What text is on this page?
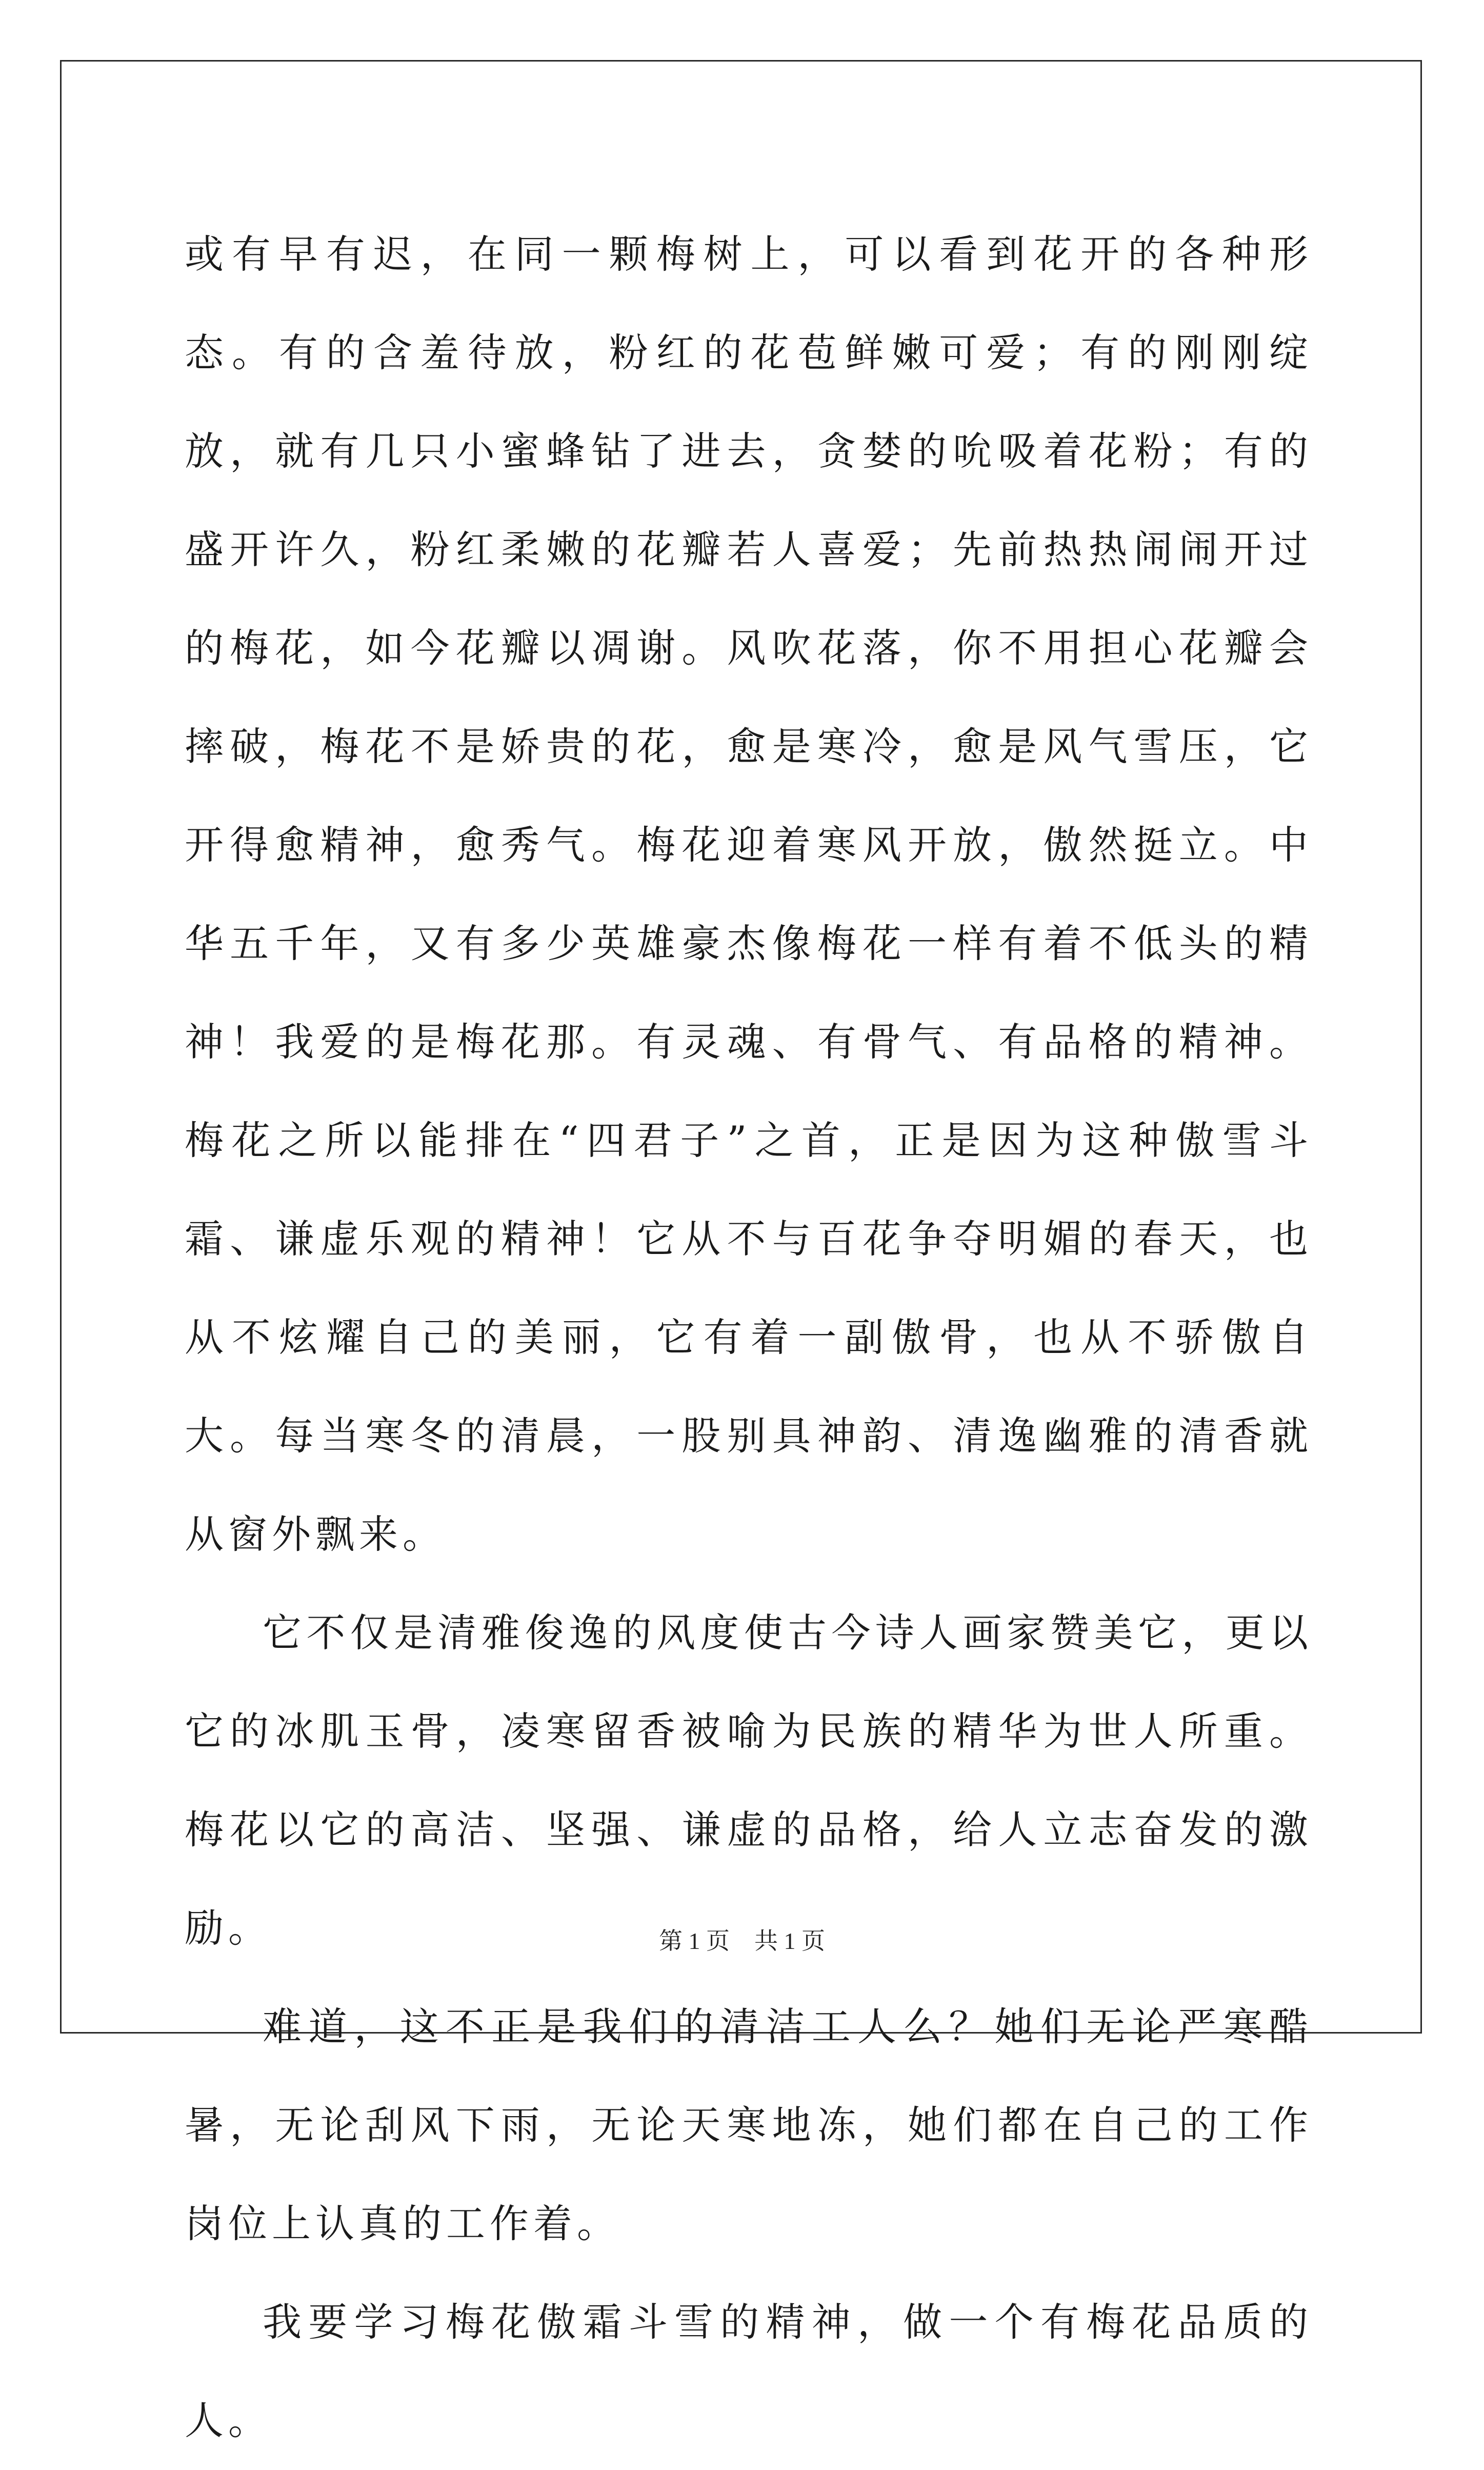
或有早有迟，在同一颗梅树上，可以看到花开的各种形态。有的含羞待放，粉红的花苞鲜嫩可爱；有的刚刚绽放，就有几只小蜜蜂钻了进去，贪婪的吮吸着花粉；有的盛开许久，粉红柔嫩的花瓣若人喜爱；先前热热闹闹开过的梅花，如今花瓣以凋谢。风吹花落，你不用担心花瓣会摔破，梅花不是娇贵的花，愈是寒冷，愈是风气雪压，它开得愈精神，愈秀气。梅花迎着寒风开放，傲然挺立。中华五千年，又有多少英雄豪杰像梅花一样有着不低头的精神！我爱的是梅花那。有灵魂、有骨气、有品格的精神。梅花之所以能排在“四君子”之首，正是因为这种傲雪斗霜、谦虚乐观的精神！它从不与百花争夺明媚的春天，也从不炫耀自己的美丽，它有着一副傲骨，也从不骄傲自大。每当寒冬的清晨，一股别具神韵、清逸幽雅的清香就从窗外飘来。

它不仅是清雅俊逸的风度使古今诗人画家赞美它，更以它的冰肌玉骨，凌寒留香被喻为民族的精华为世人所重。梅花以它的高洁、坚强、谦虚的品格，给人立志奋发的激励。

难道，这不正是我们的清洁工人么？她们无论严寒酷暑，无论刮风下雨，无论天寒地冻，她们都在自己的工作岗位上认真的工作着。

我要学习梅花傲霜斗雪的精神，做一个有梅花品质的人。

第 1 页 共 1 页
